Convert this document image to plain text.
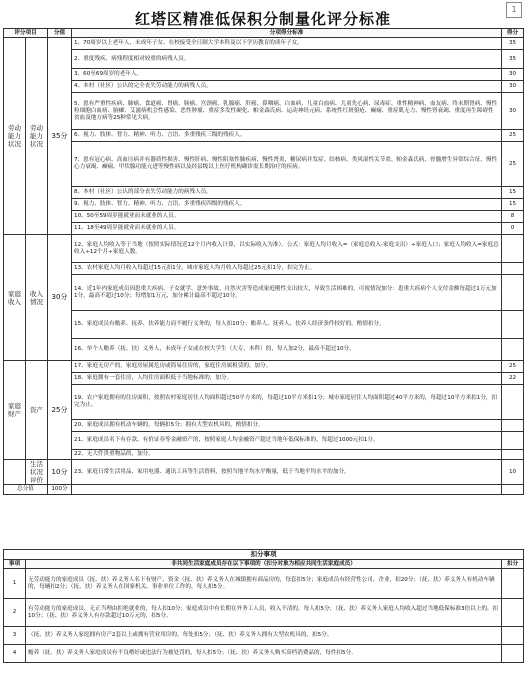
红塔区精准低保积分制量化评分标准
1
评分项目		分值	分项得分标准	得分
劳动能力状况	劳动能力状况	35分	1、70周岁以上老年人、未成年子女、在校接受全日制大学本科及以下学历教育的成年子女。	35
			2、重度残疾、病残程度相对较重的病残人员。	35
			3、60至69周岁的老年人。	30
			4、本村（社区）公认的完全丧失劳动能力的病残人员。	30
			5、患有严重性疾病、肺癌、食道癌、胃癌、肠癌、宫颈癌、乳腺癌、肝癌、鼻咽癌、白血病、儿童白血病、儿童先心病、尿毒症、重性精神病、血友病、终末期肾病、慢性粒细胞白血病、脑瘫、艾滋病机会性感染、恶性肿瘤、重症多发性硬化、帕金森氏病、运动神经元病、系统性红斑狼疮、癫痫、重症肌无力、慢性肾衰竭、重度再生障碍性贫血及地方病等25种常见大病。	30
			6、视力、肢体、智力、精神、听力、言语、多重残疾三级的残疾人。	25
			7、患有冠心病、高血压病并有器质性损害、慢性肝病、慢性阻塞性肺疾病、慢性肾炎、糖尿病并发症、结核病、类风湿性关节炎、帕金森氏病、骨髓增生异常综合征、慢性心力衰竭、癫痫、甲状腺功能亢进等慢性病以及经县级以上医疗机构确诊需长期治疗的疾病。	25
			8、本村（社区）公认的部分丧失劳动能力的病残人员。	15
			9、视力、肢体、智力、精神、听力、言语、多重残疾四级的残疾人。	15
			10、50至59周岁能就业而未就业的人员。	8
			11、18至49周岁能就业而未就业的人员。	0
家庭收入	收入情况	30分	12、家庭人均收入等于当地（按照实际情况近12个月内收入计算，以实际收入为准）。公式：家庭人均月收入=（家庭总收入-家庭支出）÷家庭人口；家庭人均收入=家庭总收入÷12个月÷家庭人数。	
			13、农村家庭人均月收入每超过15元扣1分，城市家庭人均月收入每超过25元扣1分，扣完为止。	
			14、近1年内家庭成员因患重大疾病、子女就学、意外事故、自然灾害等造成家庭刚性支出较大，导致生活困难的，可视情况加分：患重大疾病个人支付金额每超过1万元加1分，最高不超过10分；每增加1万元，加分累计最高不超过10分。	
			15、家庭成员有赡养、抚养、扶养能力而不履行义务的，每人扣10分；赡养人、抚养人、扶养人经济条件较好的，酌情扣分。	
			16、单个人赡养（抚、扶）义务人，未成年子女或在校大学生（大专、本科）的，每人加2分，最高不超过10分。	
家庭财产	资产	25分	17、家庭无房产的，家庭房屋属危房或简易住房的，家庭住房属租赁的，加分。	25
			18、家庭拥有一套住房，人均住房面积低于当地标准的，加分。	22
			19、农户家庭拥有的住房面积，按照农村家庭居住人均面积超过50平方米的，每超过10平方米扣1分；城市家庭居住人均面积超过40平方米的，每超过10平方米扣1分，扣完为止。	
			20、家庭成员拥有机动车辆的，每辆扣5分；拥有大型农机具的，酌情扣分。	
			21、家庭成员名下有存款、有价证券等金融资产的，按照家庭人均金融资产超过当地年低保标准的，每超过1000元扣1分。	
			22、无大件贵重物品的，加分。	
	生活状况评价	10分	23、家庭日常生活用品、家用电器、通讯工具等生活资料，按照当地平均水平衡量，低于当地平均水平的加分。	10
总分值		100分		
扣分事项		
事项	非共同生活家庭成员存在以下事项的（扣分对象为相应共同生活家庭成员）	扣分
1	无劳动能力的家庭成员（抚、扶）养义务人名下有财产、资金（抚、扶）养义务人在城镇拥有商品房的，每套扣5分；家庭成员有经营性公司、企业，扣20分；（抚、扶）养义务人有机动车辆的，每辆扣2分；（抚、扶）养义务人在国家机关、事业单位工作的，每人扣5分。	
2	有劳动能力的家庭成员，无正当理由拒绝就业的，每人扣10分；家庭成员中有长期在外务工人员，收入不清的，每人扣5分；（抚、扶）养义务人家庭人均收入超过当地低保标准3倍以上的，扣10分；（抚、扶）养义务人有存款超过10万元的，扣5分。	
3	（抚、扶）养义务人家庭拥有房产2套以上或拥有营业用房的，每处扣5分；（抚、扶）养义务人拥有大型农机具的，扣5分。	
4	赡养（抚、扶）养义务人家庭成员有不良嗜好或违法行为被处罚的，每人扣5分；（抚、扶）养义务人购买高档消费品的，每件扣5分。	
